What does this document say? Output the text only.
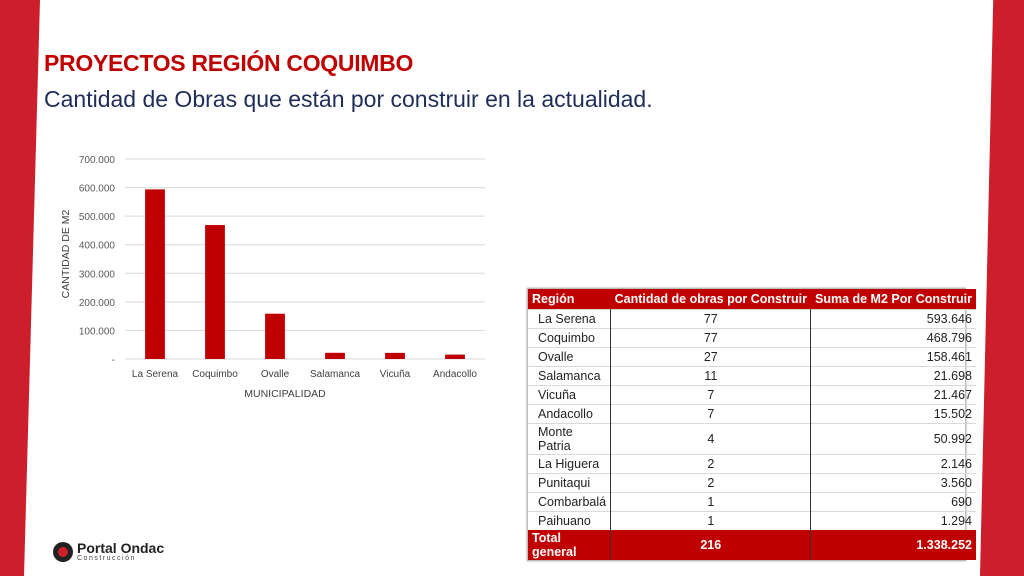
PROYECTOS REGIÓN COQUIMBO
Cantidad de Obras que están por construir en la actualidad.
-
100.000
200.000
300.000
400.000
500.000
600.000
700.000
La Serena Coquimbo Ovalle Salamanca Vicuña Andacollo
MUNICIPALIDAD
CANTIDAD DE M2
Región	Cantidad de obras por Construir	Suma de M2 Por Construir
La Serena	77	593.646
Coquimbo	77	468.796
Ovalle	27	158.461
Salamanca	11	21.698
Vicuña	7	21.467
Andacollo	7	15.502
Monte Patria	4	50.992
La Higuera	2	2.146
Punitaqui	2	3.560
Combarbalá	1	690
Paihuano	1	1.294
Total general	216	1.338.252
Portal Ondac
Construcción
